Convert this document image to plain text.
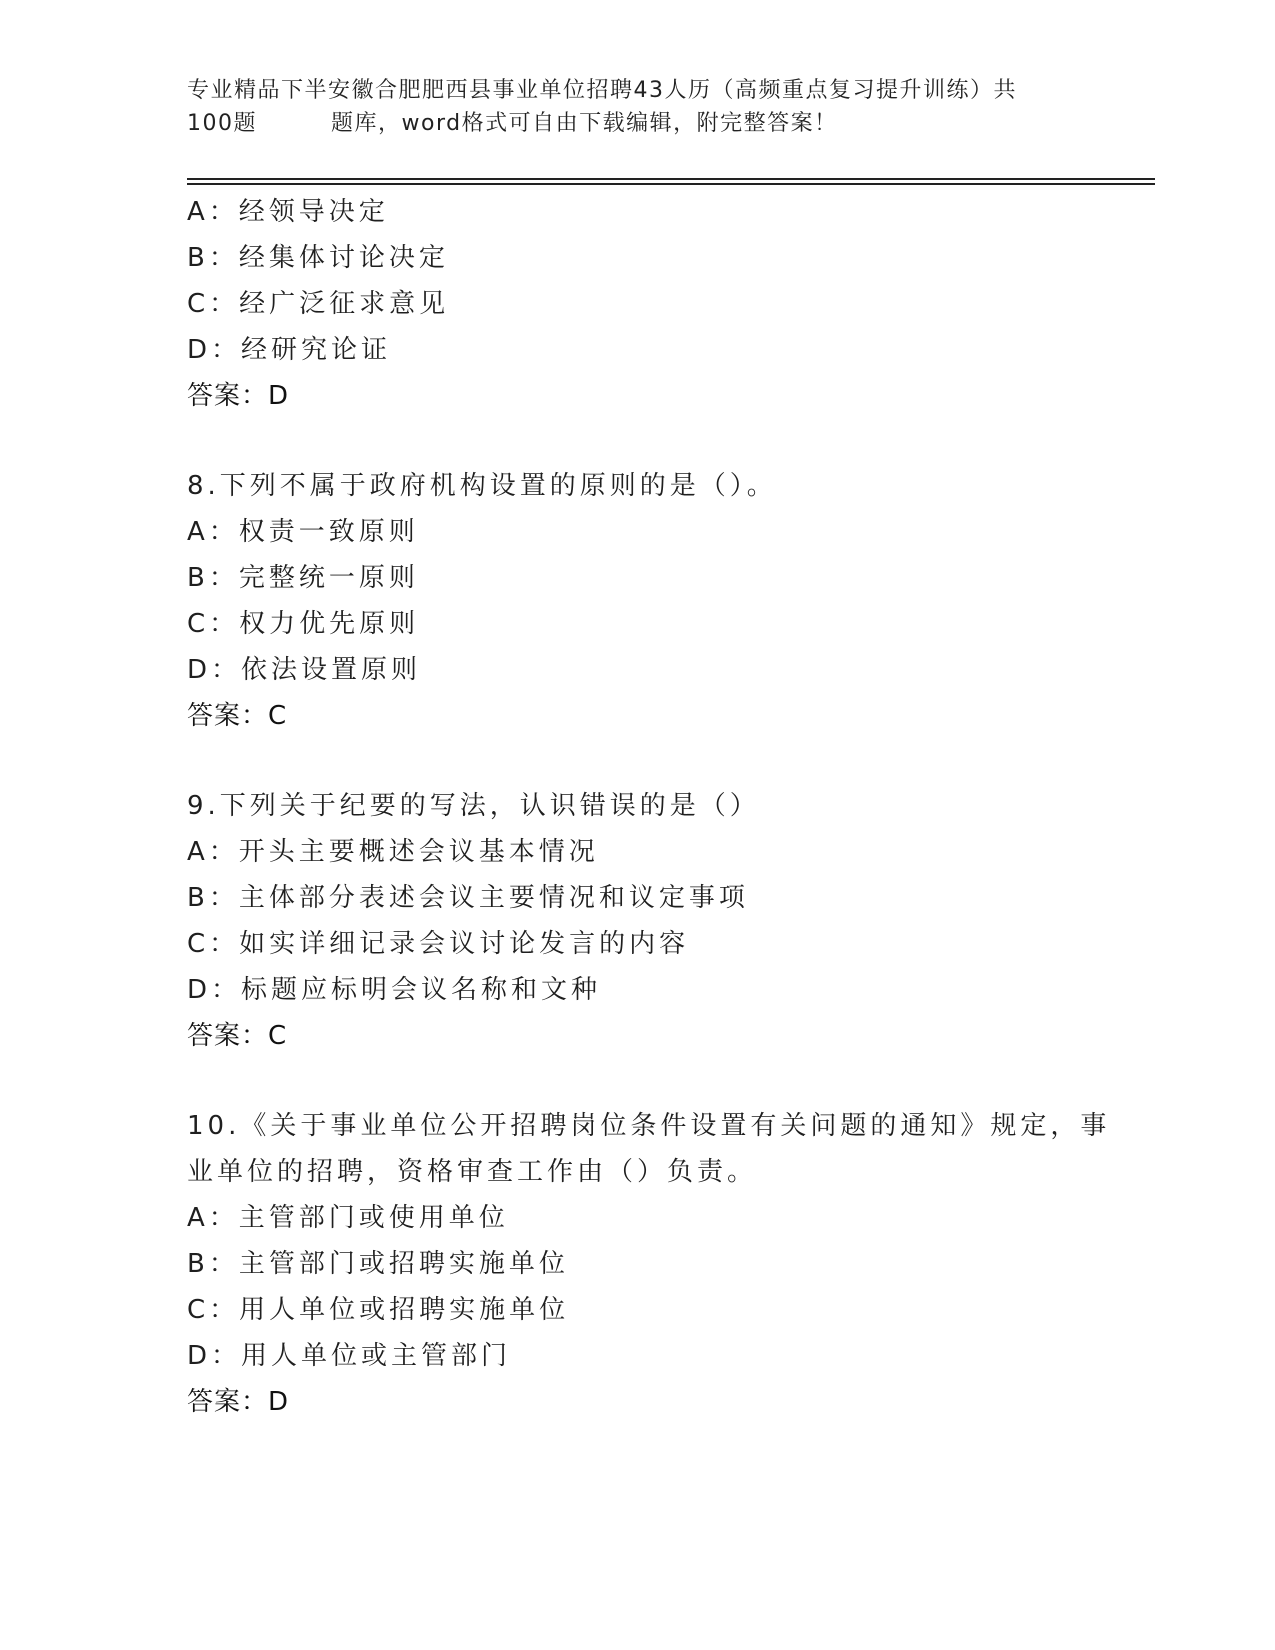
专业精品下半安徽合肥肥西县事业单位招聘43人历（高频重点复习提升训练）共
100题	题库，word格式可自由下载编辑，附完整答案！
A：经领导决定
B：经集体讨论决定
C：经广泛征求意见
D：经研究论证
答案：D
8.下列不属于政府机构设置的原则的是（）。
A：权责一致原则
B：完整统一原则
C：权力优先原则
D：依法设置原则
答案：C
9.下列关于纪要的写法，认识错误的是（）
A：开头主要概述会议基本情况
B：主体部分表述会议主要情况和议定事项
C：如实详细记录会议讨论发言的内容
D：标题应标明会议名称和文种
答案：C
10.《关于事业单位公开招聘岗位条件设置有关问题的通知》规定，事
业单位的招聘，资格审查工作由（）负责。
A：主管部门或使用单位
B：主管部门或招聘实施单位
C：用人单位或招聘实施单位
D：用人单位或主管部门
答案：D
